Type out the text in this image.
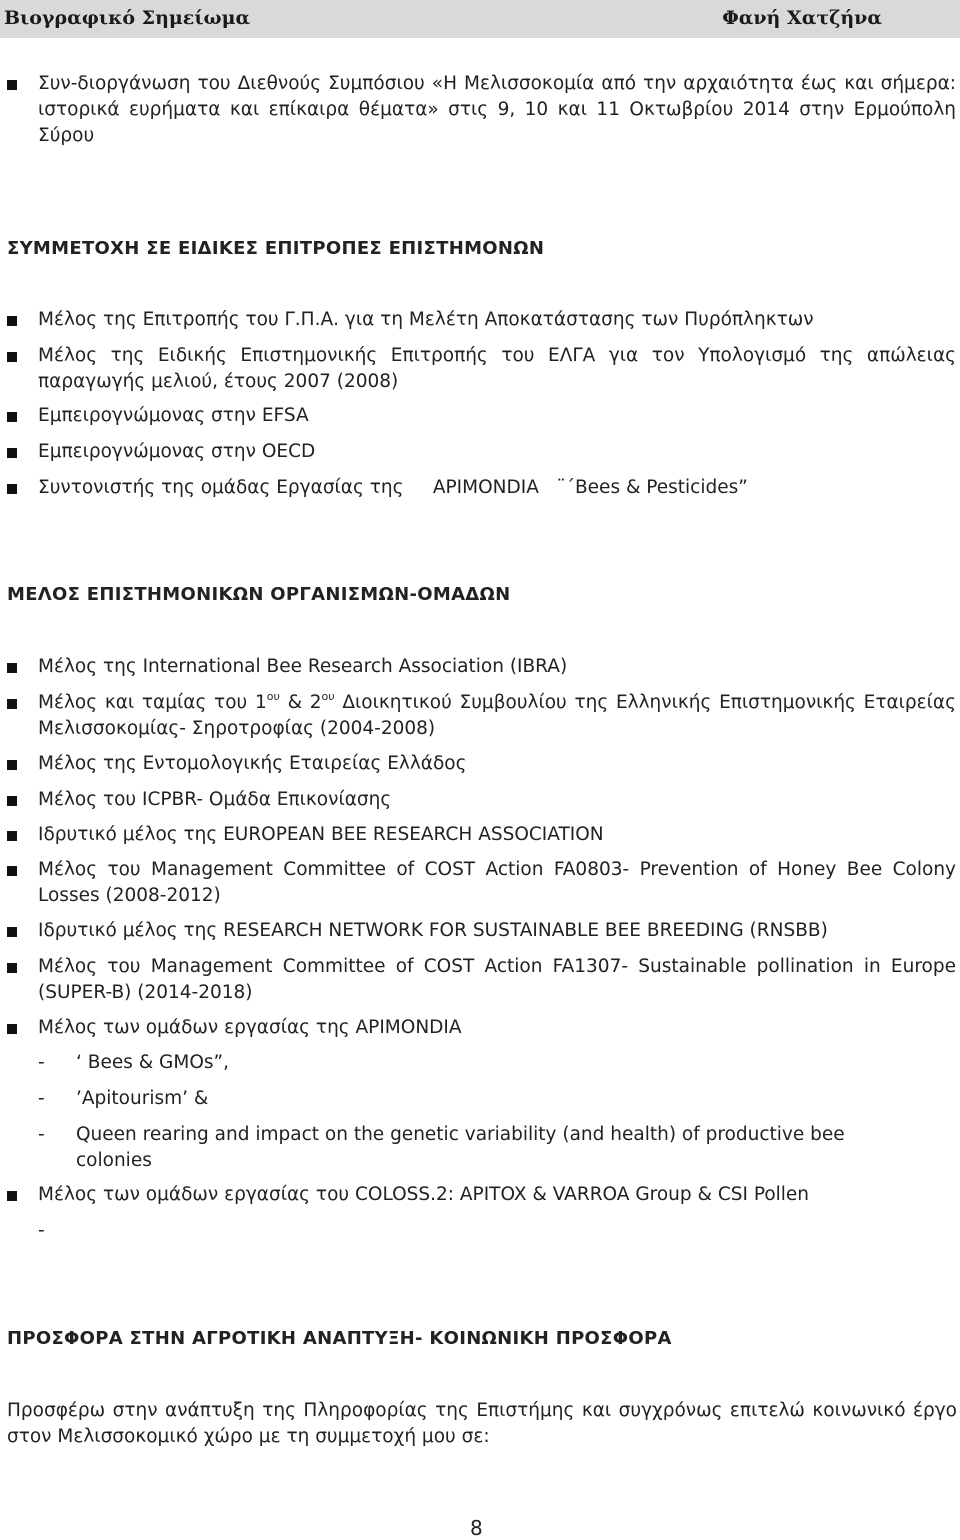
Βιογραφικό Σημείωμα	Φανή Χατζήνα
Συν-διοργάνωση του Διεθνούς Συμπόσιου «Η Μελισσοκομία από την αρχαιότητα έως και σήμερα: ιστορικά ευρήματα και επίκαιρα θέματα» στις 9, 10 και 11 Οκτωβρίου 2014 στην Ερμούπολη Σύρου
ΣΥΜΜΕΤΟΧΗ ΣΕ ΕΙΔΙΚΕΣ ΕΠΙΤΡΟΠΕΣ ΕΠΙΣΤΗΜΟΝΩΝ
Μέλος της Επιτροπής του Γ.Π.Α. για τη Μελέτη Αποκατάστασης των Πυρόπληκτων
Μέλος της Ειδικής Επιστημονικής Επιτροπής του ΕΛΓΑ για τον Υπολογισμό της απώλειας παραγωγής μελιού, έτους 2007 (2008)
Εμπειρογνώμονας στην EFSA
Εμπειρογνώμονας στην OECD
Συντονιστής της ομάδας Εργασίας της     APIMONDIA   ¨΄Bees & Pesticides”
ΜΕΛΟΣ ΕΠΙΣΤΗΜΟΝΙΚΩΝ ΟΡΓΑΝΙΣΜΩΝ-ΟΜΑΔΩΝ
Μέλος της International Bee Research Association (IBRA)
Μέλος και ταμίας του $1^{o\upsilon}$ & $2^{o\upsilon}$ Διοικητικού Συμβουλίου της Ελληνικής Επιστημονικής Εταιρείας Μελισσοκομίας- Σηροτροφίας (2004-2008)
Μέλος της Εντομολογικής Εταιρείας Ελλάδος
Μέλος του ICPBR- Ομάδα Επικονίασης
Ιδρυτικό μέλος της EUROPEAN BEE RESEARCH ASSOCIATION
Μέλος του Management Committee of COST Action FA0803- Prevention of Honey Bee Colony Losses (2008-2012)
Ιδρυτικό μέλος της RESEARCH NETWORK FOR SUSTAINABLE BEE BREEDING (RNSBB)
Μέλος του Management Committee of COST Action FA1307- Sustainable pollination in Europe (SUPER-B) (2014-2018)
Μέλος των ομάδων εργασίας της APIMONDIA
- ‘ Bees & GMOs”,
- ’Apitourism’ &
- Queen rearing and impact on the genetic variability (and health) of productive bee colonies
Μέλος των ομάδων εργασίας του COLOSS.2: APITOX & VARROA Group & CSI Pollen
-
ΠΡΟΣΦΟΡΑ ΣΤΗΝ ΑΓΡΟΤΙΚΗ ΑΝΑΠΤΥΞΗ- ΚΟΙΝΩΝΙΚΗ ΠΡΟΣΦΟΡΑ
Προσφέρω στην ανάπτυξη της Πληροφορίας της Επιστήμης και συγχρόνως επιτελώ κοινωνικό έργο στον Μελισσοκομικό χώρο με τη συμμετοχή μου σε:
8
